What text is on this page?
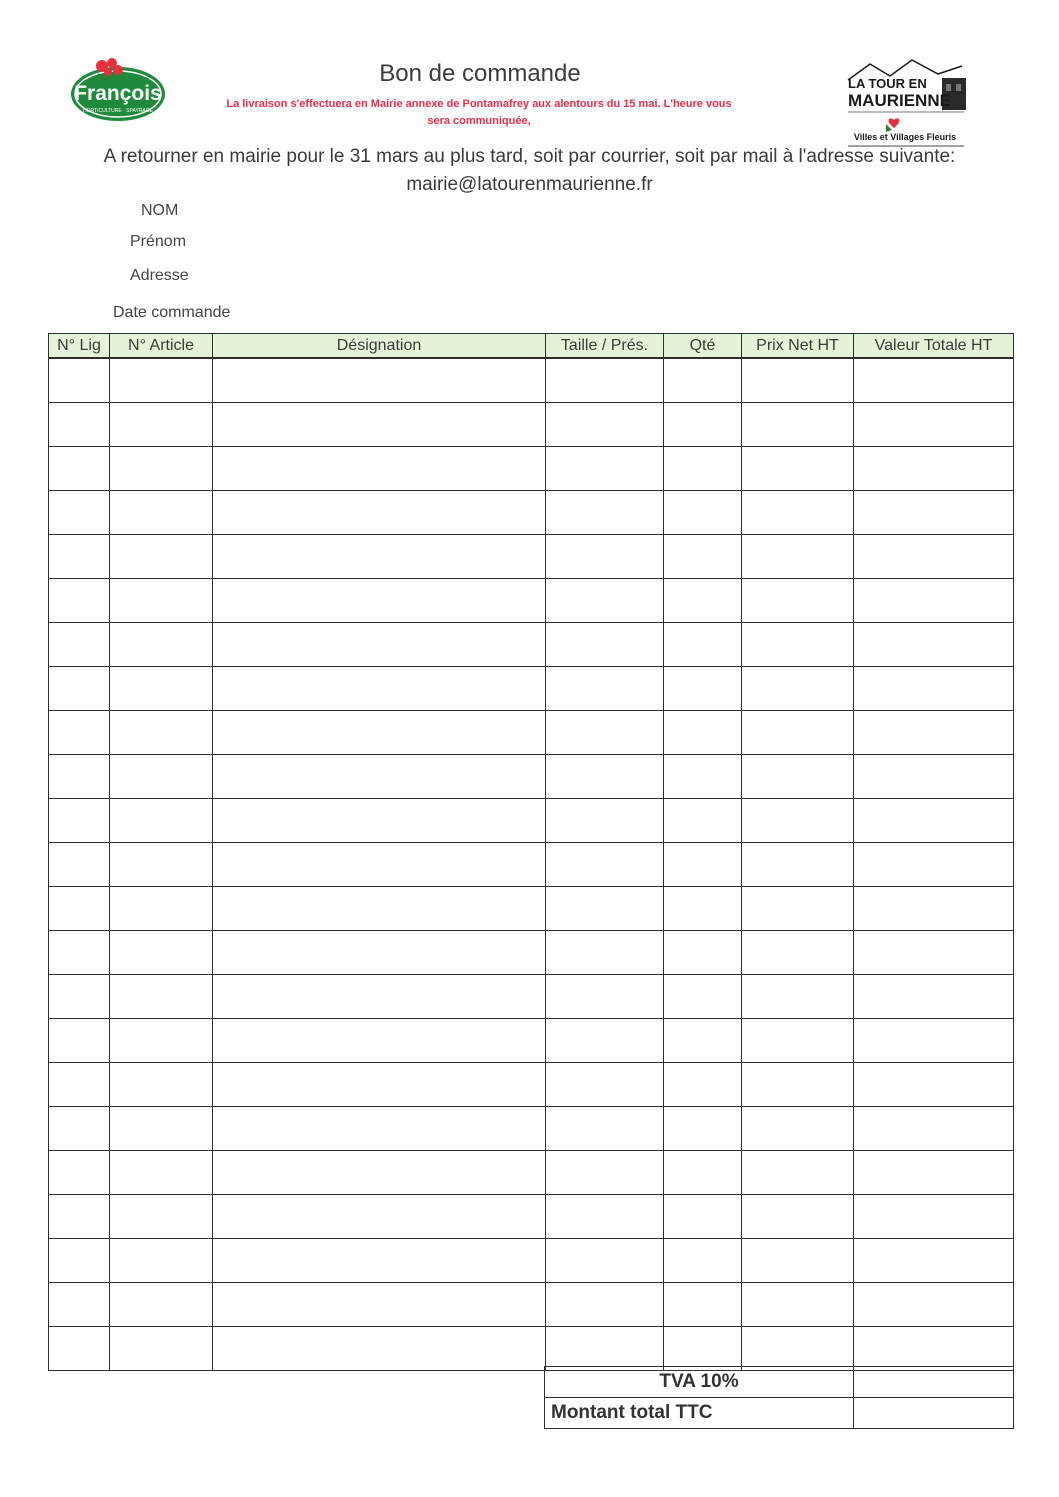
François
HORTICULTURE · SPAYRAGE
LA TOUR EN
MAURIENNE
Villes et Villages Fleuris
Bon de commande
La livraison s'effectuera en Mairie annexe de Pontamafrey aux alentours du 15 mai. L'heure vous sera communiquée,
A retourner en mairie pour le 31 mars au plus tard, soit par courrier, soit par mail à l'adresse suivante:
mairie@latourenmaurienne.fr
NOM
Prénom
Adresse
Date commande
N° Lig	N° Article	Désignation	Taille / Prés.	Qté	Prix Net HT	Valeur Totale HT

TVA 10%	
Montant total TTC	
